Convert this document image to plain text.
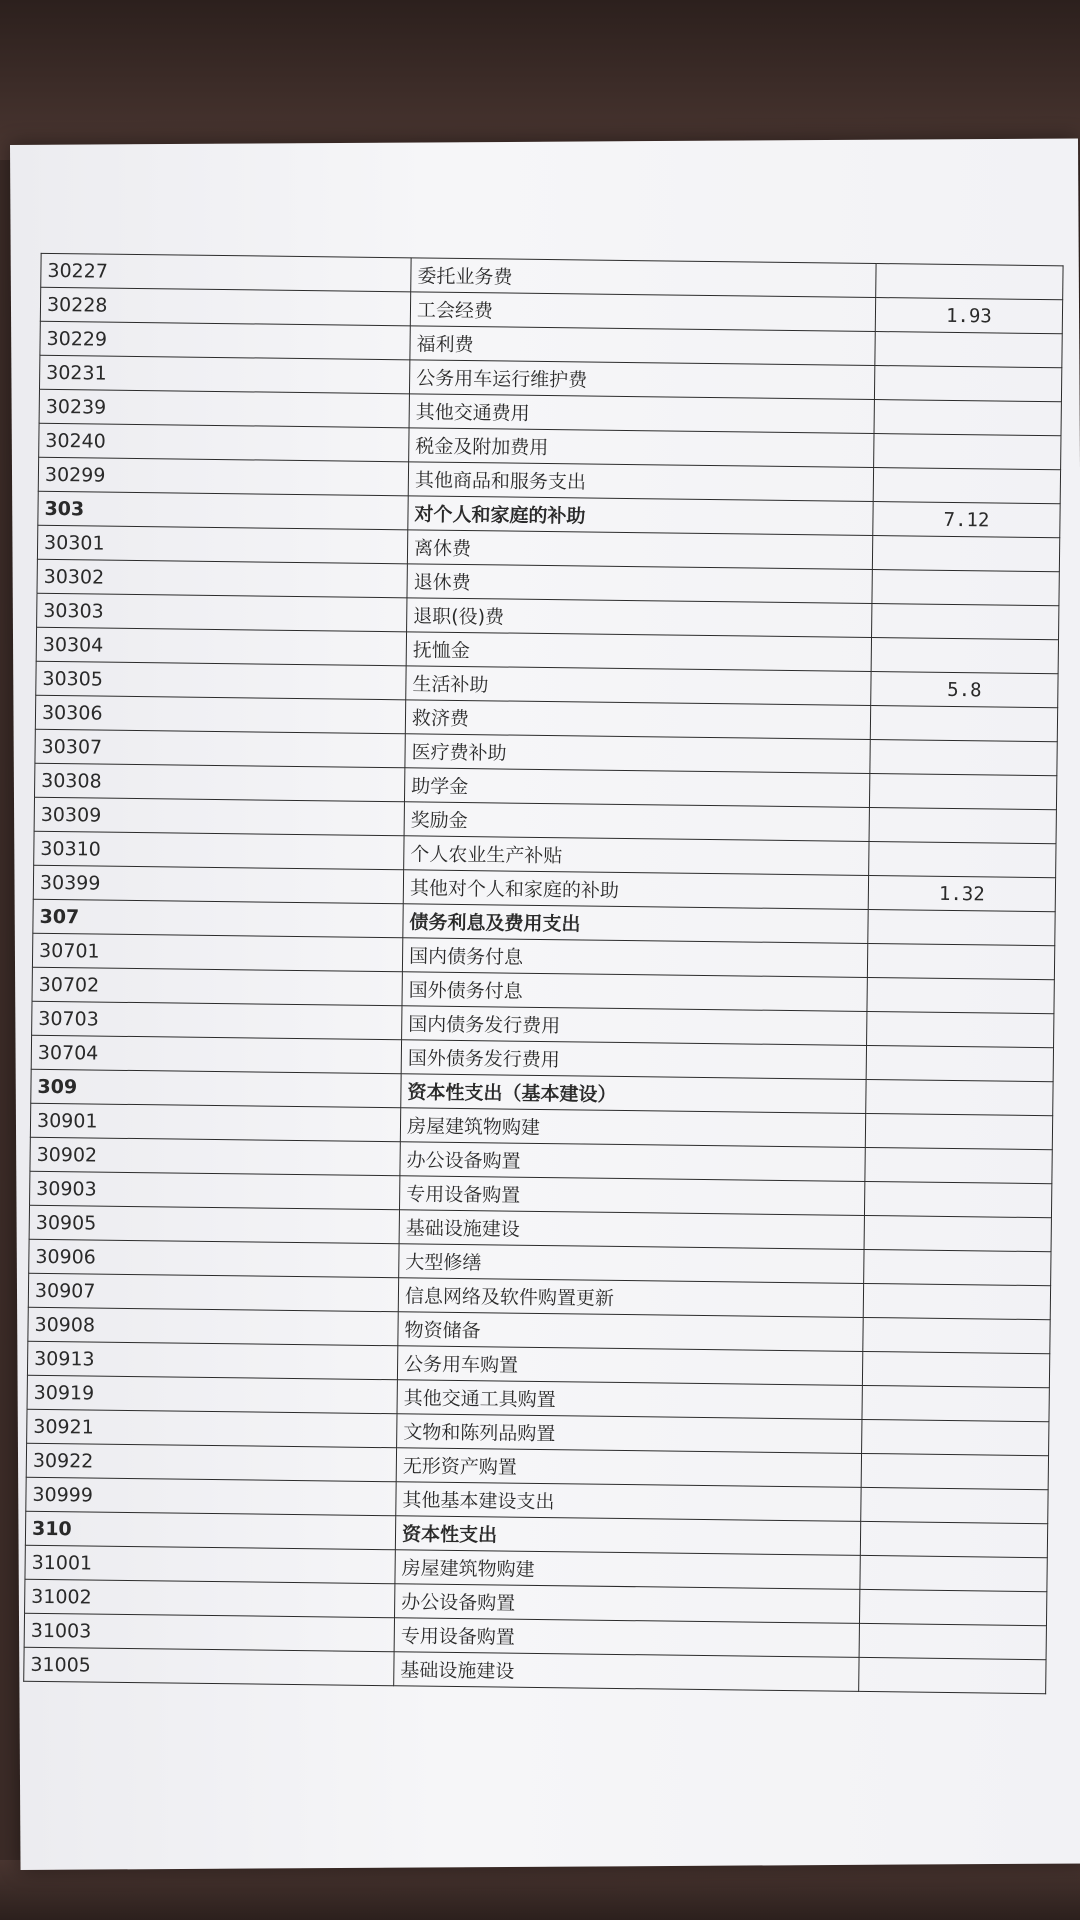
30227	委托业务费	
30228	工会经费	1.93
30229	福利费	
30231	公务用车运行维护费	
30239	其他交通费用	
30240	税金及附加费用	
30299	其他商品和服务支出	
303	对个人和家庭的补助	7.12
30301	离休费	
30302	退休费	
30303	退职(役)费	
30304	抚恤金	
30305	生活补助	5.8
30306	救济费	
30307	医疗费补助	
30308	助学金	
30309	奖励金	
30310	个人农业生产补贴	
30399	其他对个人和家庭的补助	1.32
307	债务利息及费用支出	
30701	国内债务付息	
30702	国外债务付息	
30703	国内债务发行费用	
30704	国外债务发行费用	
309	资本性支出（基本建设）	
30901	房屋建筑物购建	
30902	办公设备购置	
30903	专用设备购置	
30905	基础设施建设	
30906	大型修缮	
30907	信息网络及软件购置更新	
30908	物资储备	
30913	公务用车购置	
30919	其他交通工具购置	
30921	文物和陈列品购置	
30922	无形资产购置	
30999	其他基本建设支出	
310	资本性支出	
31001	房屋建筑物购建	
31002	办公设备购置	
31003	专用设备购置	
31005	基础设施建设	
